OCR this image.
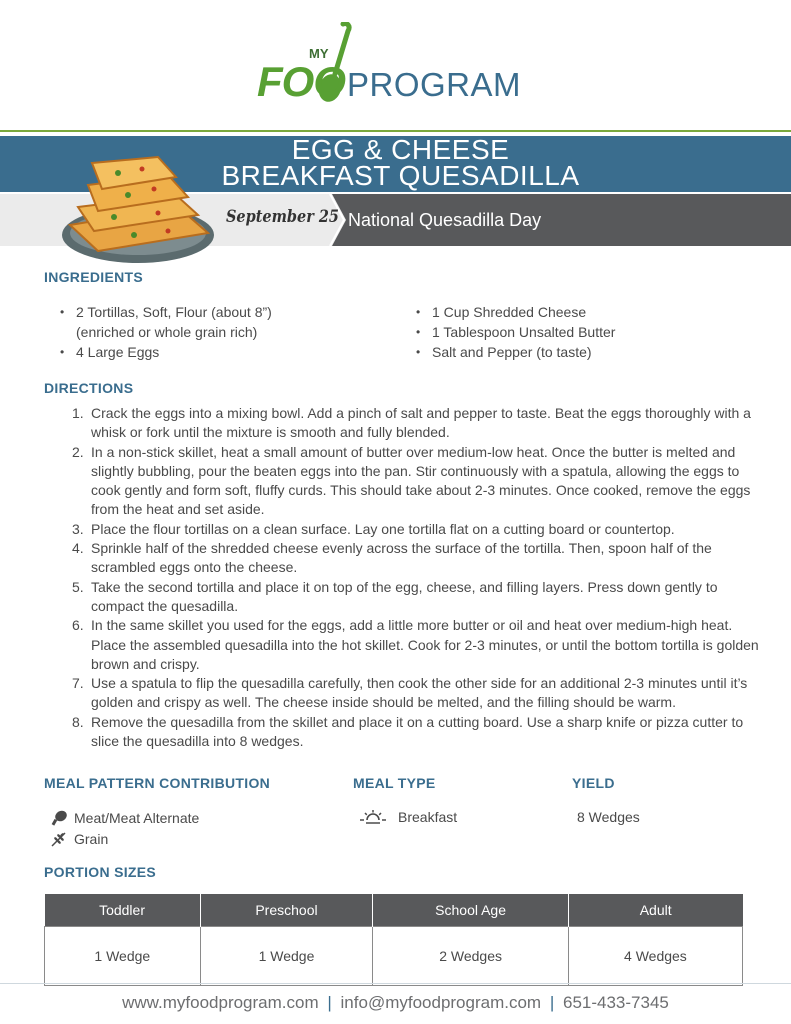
MY
FOO PROGRAM
EGG & CHEESE
BREAKFAST QUESADILLA
September 25 National Quesadilla Day
INGREDIENTS
• 2 Tortillas, Soft, Flour (about 8”) (enriched or whole grain rich)
• 4 Large Eggs
• 1 Cup Shredded Cheese
• 1 Tablespoon Unsalted Butter
• Salt and Pepper (to taste)
DIRECTIONS
1. Crack the eggs into a mixing bowl. Add a pinch of salt and pepper to taste. Beat the eggs thoroughly with a whisk or fork until the mixture is smooth and fully blended.
2. In a non-stick skillet, heat a small amount of butter over medium-low heat. Once the butter is melted and slightly bubbling, pour the beaten eggs into the pan. Stir continuously with a spatula, allowing the eggs to cook gently and form soft, fluffy curds. This should take about 2-3 minutes. Once cooked, remove the eggs from the heat and set aside.
3. Place the flour tortillas on a clean surface. Lay one tortilla flat on a cutting board or countertop.
4. Sprinkle half of the shredded cheese evenly across the surface of the tortilla. Then, spoon half of the scrambled eggs onto the cheese.
5. Take the second tortilla and place it on top of the egg, cheese, and filling layers. Press down gently to compact the quesadilla.
6. In the same skillet you used for the eggs, add a little more butter or oil and heat over medium-high heat. Place the assembled quesadilla into the hot skillet. Cook for 2-3 minutes, or until the bottom tortilla is golden brown and crispy.
7. Use a spatula to flip the quesadilla carefully, then cook the other side for an additional 2-3 minutes until it’s golden and crispy as well. The cheese inside should be melted, and the filling should be warm.
8. Remove the quesadilla from the skillet and place it on a cutting board. Use a sharp knife or pizza cutter to slice the quesadilla into 8 wedges.
MEAL PATTERN CONTRIBUTION
Meat/Meat Alternate
Grain
MEAL TYPE
Breakfast
YIELD
8 Wedges
PORTION SIZES
Toddler	Preschool	School Age	Adult
1 Wedge	1 Wedge	2 Wedges	4 Wedges
www.myfoodprogram.com | info@myfoodprogram.com | 651-433-7345
